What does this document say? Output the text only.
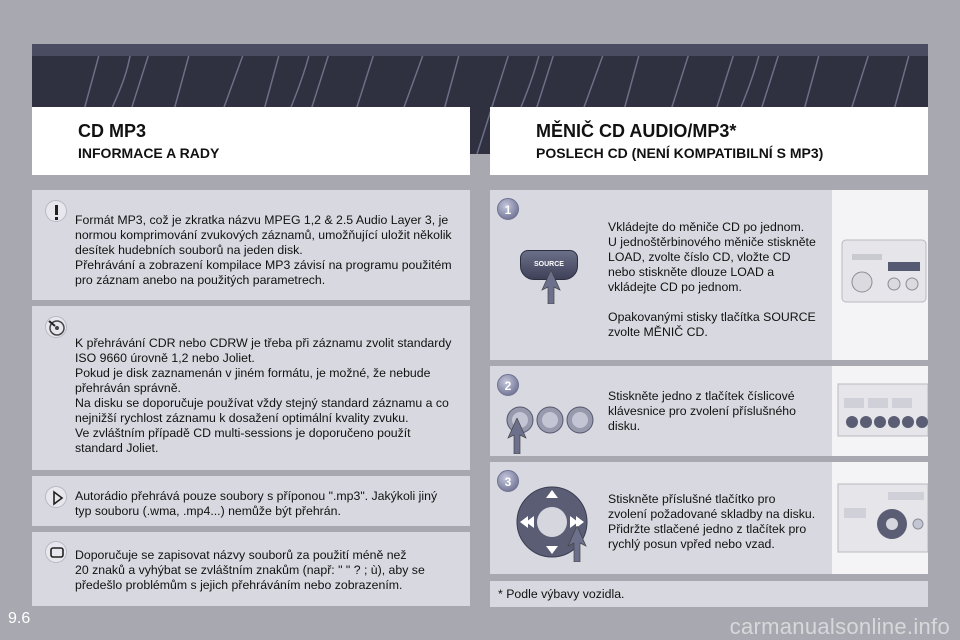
CD MP3
INFORMACE A RADY
MĚNIČ CD AUDIO/MP3*
POSLECH CD (NENÍ KOMPATIBILNÍ S MP3)

Formát MP3, což je zkratka názvu MPEG 1,2 & 2.5 Audio Layer 3, je

normou komprimování zvukových záznamů, umožňující uložit několik

desítek hudebních souborů na jeden disk.

Přehrávání a zobrazení kompilace MP3 závisí na programu použitém

pro záznam anebo na použitých parametrech.

K přehrávání CDR nebo CDRW je třeba při záznamu zvolit standardy

ISO 9660 úrovně 1,2 nebo Joliet.

Pokud je disk zaznamenán v jiném formátu, je možné, že nebude

přehráván správně.

Na disku se doporučuje používat vždy stejný standard záznamu a co

nejnižší rychlost záznamu k dosažení optimální kvality zvuku.

Ve zvláštním případě CD multi-sessions je doporučeno použít

standard Joliet.

Autorádio přehrává pouze soubory s příponou ".mp3". Jakýkoli jiný

typ souboru (.wma, .mp4...) nemůže být přehrán.

Doporučuje se zapisovat názvy souborů za použití méně než

20 znaků a vyhýbat se zvláštním znakům (např: " " ? ; ù), aby se

předešlo problémům s jejich přehráváním nebo zobrazením.

1
SOURCE

Vkládejte do měniče CD po jednom.

U jednoštěrbinového měniče stiskněte

LOAD, zvolte číslo CD, vložte CD

nebo stiskněte dlouze LOAD a

vkládejte CD po jednom.

Opakovanými stisky tlačítka SOURCE

zvolte MĚNIČ CD.

2

Stiskněte jedno z tlačítek číslicové

klávesnice pro zvolení příslušného

disku.

3

Stiskněte příslušné tlačítko pro

zvolení požadované skladby na disku.

Přidržte stlačené jedno z tlačítek pro

rychlý posun vpřed nebo vzad.

* Podle výbavy vozidla.

9.6	carmanualsonline.info
